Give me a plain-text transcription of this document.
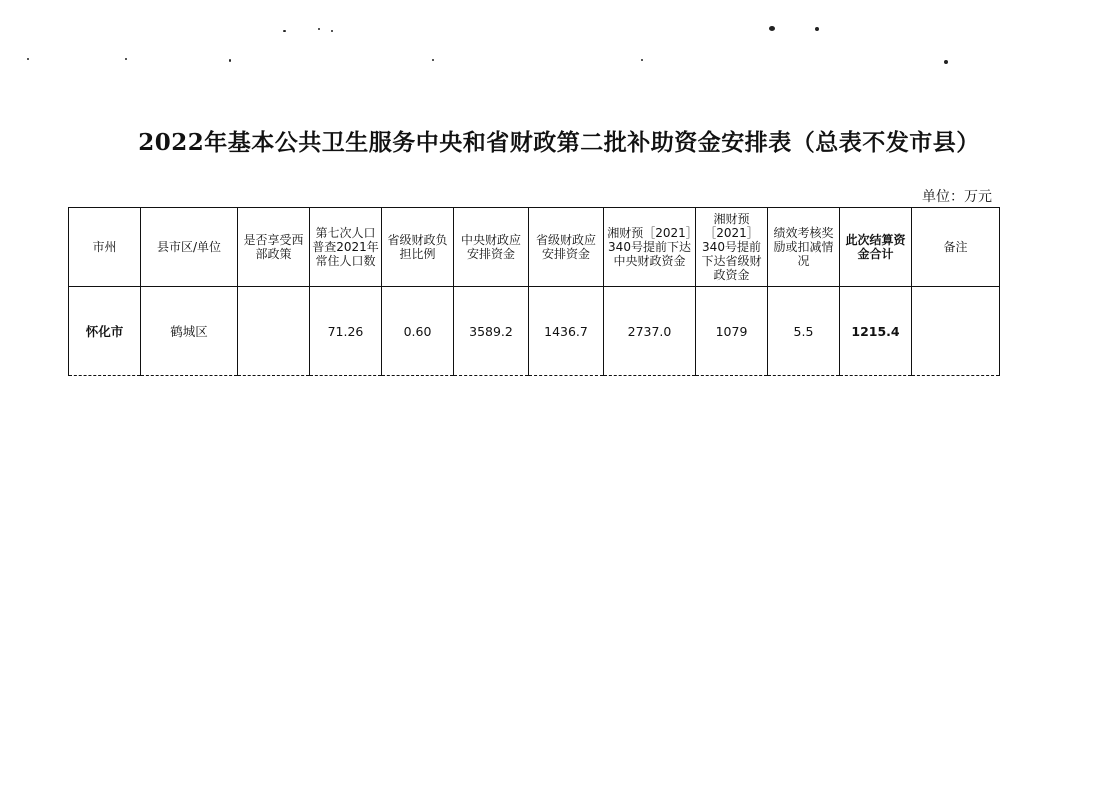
2022年基本公共卫生服务中央和省财政第二批补助资金安排表（总表不发市县）
单位：万元
市州	县市区/单位	是否享受西部政策	第七次人口普查2021年常住人口数	省级财政负担比例	中央财政应安排资金	省级财政应安排资金	湘财预［2021］340号提前下达中央财政资金	湘财预［2021］340号提前下达省级财政资金	绩效考核奖励或扣减情况	此次结算资金合计	备注
怀化市	鹤城区		71.26	0.60	3589.2	1436.7	2737.0	1079	5.5	1215.4	
